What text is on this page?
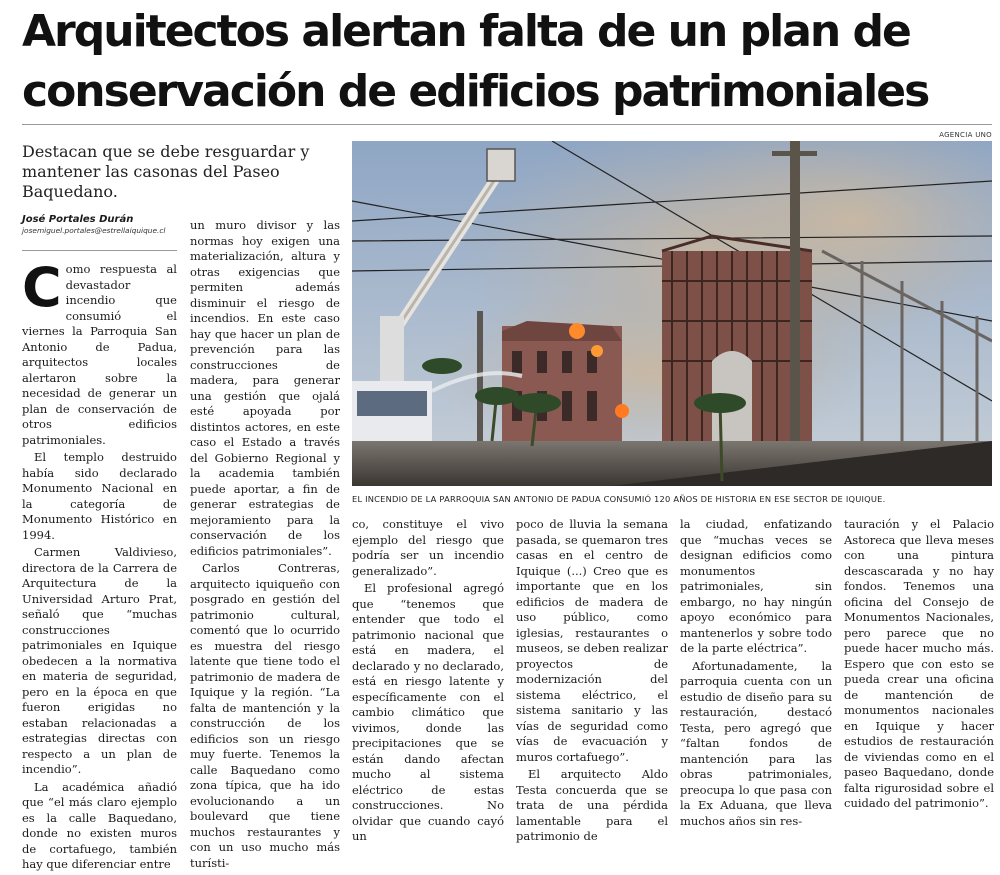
Arquitectos alertan falta de un plan de
conservación de edificios patrimoniales
Destacan que se debe resguardar y mantener las casonas del Paseo Baquedano.
José Portales Durán
josemiguel.portales@estrellaiquique.cl
AGENCIA UNO
EL INCENDIO DE LA PARROQUIA SAN ANTONIO DE PADUA CONSUMIÓ 120 AÑOS DE HISTORIA EN ESE SECTOR DE IQUIQUE.

Como respuesta al devastador incendio que consumió el viernes la Parroquia San Antonio de Padua, arquitectos locales alertaron sobre la necesidad de generar un plan de conservación de otros edificios patrimoniales.

El templo destruido había sido declarado Monumento Nacional en la categoría de Monumento Histórico en 1994.

Carmen Valdivieso, directora de la Carrera de Arquitectura de la Universidad Arturo Prat, señaló que “muchas construcciones patrimoniales en Iquique obedecen a la normativa en materia de seguridad, pero en la época en que fueron erigidas no estaban relacionadas a estrategias directas con respecto a un plan de incendio”.

La académica añadió que “el más claro ejemplo es la calle Baquedano, donde no existen muros de cortafuego, también hay que diferenciar entre

un muro divisor y las normas hoy exigen una materialización, altura y otras exigencias que permiten además disminuir el riesgo de incendios. En este caso hay que hacer un plan de prevención para las construcciones de madera, para generar una gestión que ojalá esté apoyada por distintos actores, en este caso el Estado a través del Gobierno Regional y la academia también puede aportar, a fin de generar estrategias de mejoramiento para la conservación de los edificios patrimoniales”.

Carlos Contreras, arquitecto iquiqueño con posgrado en gestión del patrimonio cultural, comentó que lo ocurrido es muestra del riesgo latente que tiene todo el patrimonio de madera de Iquique y la región. “La falta de mantención y la construcción de los edificios son un riesgo muy fuerte. Tenemos la calle Baquedano como zona típica, que ha ido evolucionando a un boulevard que tiene muchos restaurantes y con un uso mucho más turísti-

co, constituye el vivo ejemplo del riesgo que podría ser un incendio generalizado”.

El profesional agregó que “tenemos que entender que todo el patrimonio nacional que está en madera, el declarado y no declarado, está en riesgo latente y específicamente con el cambio climático que vivimos, donde las precipitaciones que se están dando afectan mucho al sistema eléctrico de estas construcciones. No olvidar que cuando cayó un

poco de lluvia la semana pasada, se quemaron tres casas en el centro de Iquique (...) Creo que es importante que en los edificios de madera de uso público, como iglesias, restaurantes o museos, se deben realizar proyectos de modernización del sistema eléctrico, el sistema sanitario y las vías de seguridad como vías de evacuación y muros cortafuego”.

El arquitecto Aldo Testa concuerda que se trata de una pérdida lamentable para el patrimonio de

la ciudad, enfatizando que “muchas veces se designan edificios como monumentos patrimoniales, sin embargo, no hay ningún apoyo económico para mantenerlos y sobre todo de la parte eléctrica”.

Afortunadamente, la parroquia cuenta con un estudio de diseño para su restauración, destacó Testa, pero agregó que “faltan fondos de mantención para las obras patrimoniales, preocupa lo que pasa con la Ex Aduana, que lleva muchos años sin res-

tauración y el Palacio Astoreca que lleva meses con una pintura descascarada y no hay fondos. Tenemos una oficina del Consejo de Monumentos Nacionales, pero parece que no puede hacer mucho más. Espero que con esto se pueda crear una oficina de mantención de monumentos nacionales en Iquique y hacer estudios de restauración de viviendas como en el paseo Baquedano, donde falta rigurosidad sobre el cuidado del patrimonio”.
